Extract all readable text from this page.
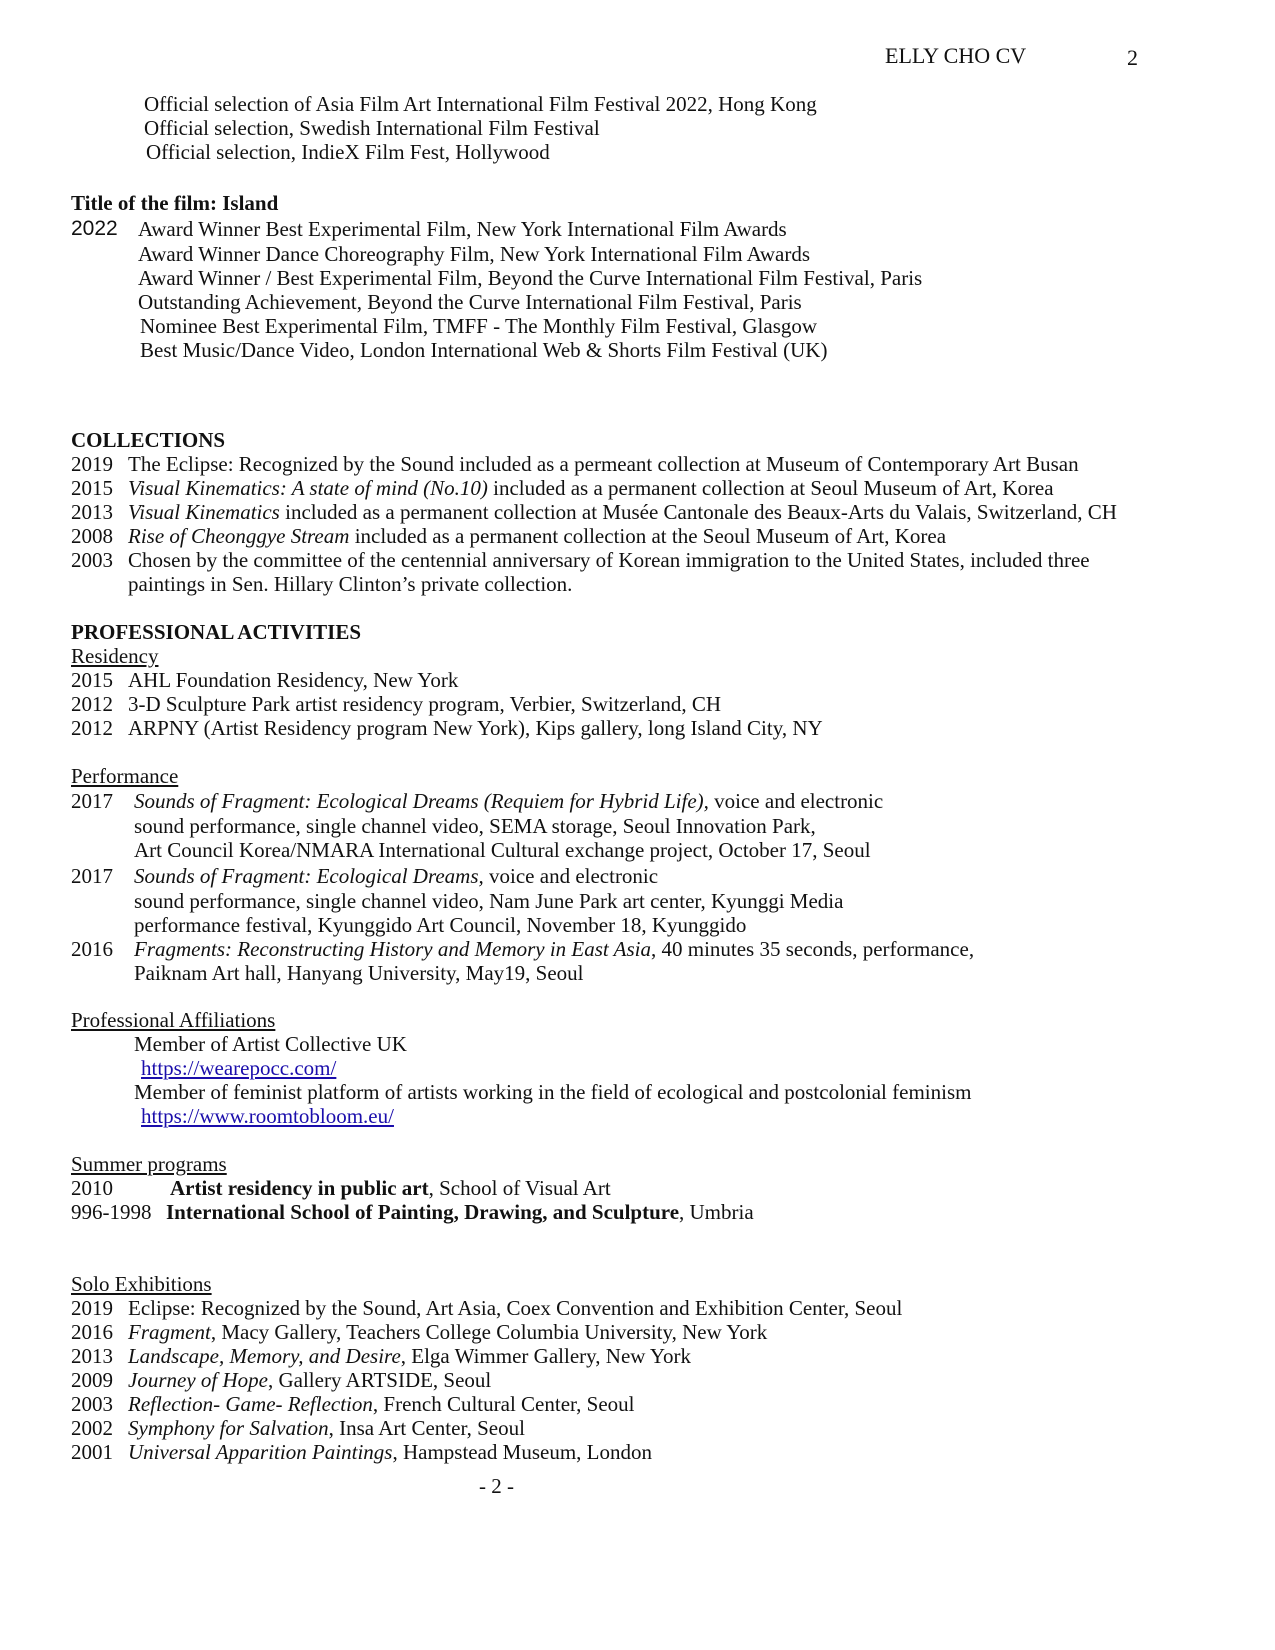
ELLY CHO CV	2
Official selection of Asia Film Art International Film Festival 2022, Hong Kong
Official selection, Swedish International Film Festival
Official selection, IndieX Film Fest, Hollywood
Title of the film: Island
2022 Award Winner Best Experimental Film, New York International Film Awards
Award Winner Dance Choreography Film, New York International Film Awards
Award Winner / Best Experimental Film, Beyond the Curve International Film Festival, Paris
Outstanding Achievement, Beyond the Curve International Film Festival, Paris
Nominee Best Experimental Film, TMFF - The Monthly Film Festival, Glasgow
Best Music/Dance Video, London International Web & Shorts Film Festival (UK)
COLLECTIONS
2019 The Eclipse: Recognized by the Sound included as a permeant collection at Museum of Contemporary Art Busan
2015 Visual Kinematics: A state of mind (No.10) included as a permanent collection at Seoul Museum of Art, Korea
2013 Visual Kinematics included as a permanent collection at Musée Cantonale des Beaux-Arts du Valais, Switzerland, CH
2008 Rise of Cheonggye Stream included as a permanent collection at the Seoul Museum of Art, Korea
2003 Chosen by the committee of the centennial anniversary of Korean immigration to the United States, included three
paintings in Sen. Hillary Clinton’s private collection.
PROFESSIONAL ACTIVITIES
Residency
2015 AHL Foundation Residency, New York
2012 3-D Sculpture Park artist residency program, Verbier, Switzerland, CH
2012 ARPNY (Artist Residency program New York), Kips gallery, long Island City, NY
Performance
2017 Sounds of Fragment: Ecological Dreams (Requiem for Hybrid Life), voice and electronic
sound performance, single channel video, SEMA storage, Seoul Innovation Park,
Art Council Korea/NMARA International Cultural exchange project, October 17, Seoul
2017 Sounds of Fragment: Ecological Dreams, voice and electronic
sound performance, single channel video, Nam June Park art center, Kyunggi Media
performance festival, Kyunggido Art Council, November 18, Kyunggido
2016 Fragments: Reconstructing History and Memory in East Asia, 40 minutes 35 seconds, performance,
Paiknam Art hall, Hanyang University, May19, Seoul
Professional Affiliations
Member of Artist Collective UK
https://wearepocc.com/
Member of feminist platform of artists working in the field of ecological and postcolonial feminism
https://www.roomtobloom.eu/
Summer programs
2010	Artist residency in public art, School of Visual Art
996-1998 International School of Painting, Drawing, and Sculpture, Umbria
Solo Exhibitions
2019 Eclipse: Recognized by the Sound, Art Asia, Coex Convention and Exhibition Center, Seoul
2016 Fragment, Macy Gallery, Teachers College Columbia University, New York
2013 Landscape, Memory, and Desire, Elga Wimmer Gallery, New York
2009 Journey of Hope, Gallery ARTSIDE, Seoul
2003 Reflection- Game- Reflection, French Cultural Center, Seoul
2002 Symphony for Salvation, Insa Art Center, Seoul
2001 Universal Apparition Paintings, Hampstead Museum, London
- 2 -
